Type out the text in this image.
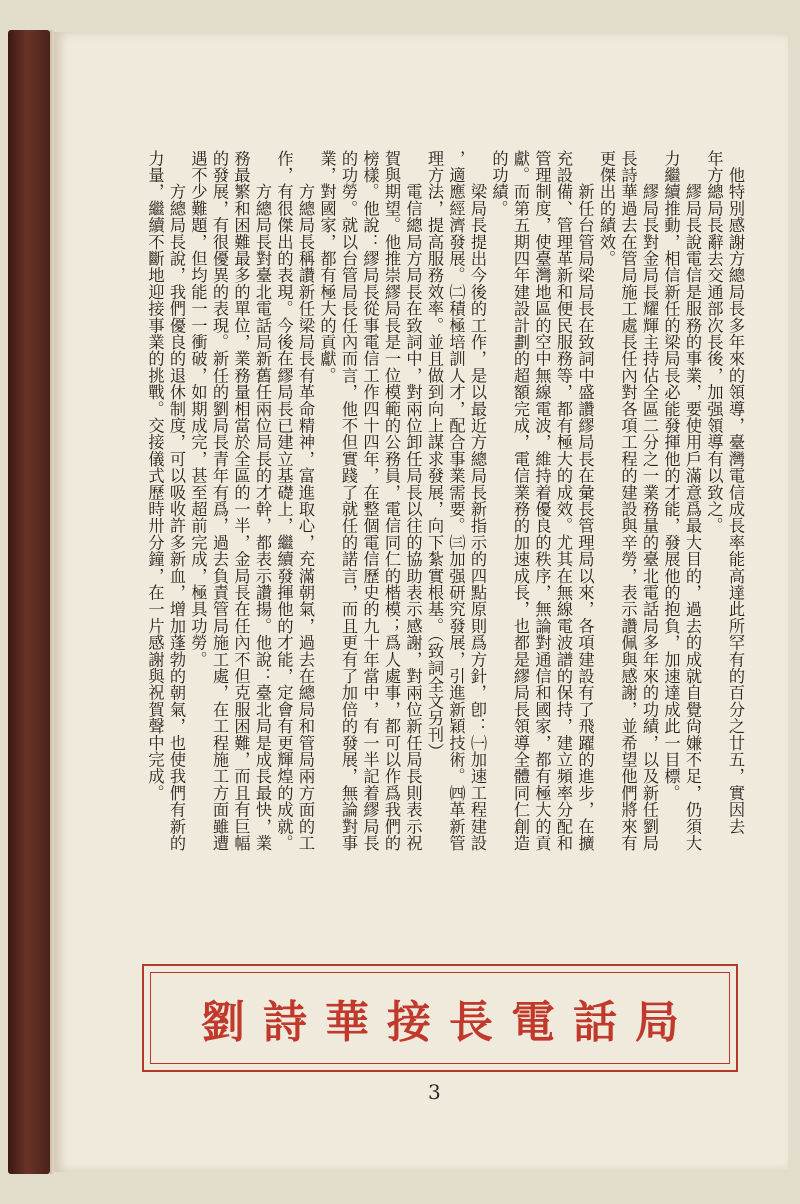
　他特別感謝方總局長多年來的領導，臺灣電信成長率能高達此所罕有的百分之廿五，實因去
年方總局長辭去交通部次長後，加强領導有以致之。
　　繆局長說電信是服務的事業，要使用戶滿意爲最大目的，過去的成就自覺尙嫌不足，仍須大
力繼續推動，相信新任的梁局長必能發揮他的才能，發展他的抱負，加速達成此一目標。
　　繆局長對金局長耀輝主持佔全區二分之一業務量的臺北電話局多年來的功績，以及新任劉局
長詩華過去在管局施工處長任內對各項工程的建設與辛勞，表示讚佩與感謝，並希望他們將來有
更傑出的績效。
　　新任台管局梁局長在致詞中盛讚繆局長在彙長管理局以來，各項建設有了飛躍的進步，在擴
充設備、管理革新和便民服務等，都有極大的成效。尤其在無線電波譜的保持，建立頻率分配和
管理制度，使臺灣地區的空中無線電波，維持着優良的秩序，無論對通信和國家，都有極大的貢
獻。而第五期四年建設計劃的超額完成，電信業務的加速成長，也都是繆局長領導全體同仁創造
的功績。
　　梁局長提出今後的工作，是以最近方總局長新指示的四點原則爲方針，卽：㈠加速工程建設
，適應經濟發展。㈡積極培訓人才，配合事業需要。㈢加强研究發展，引進新穎技術。㈣革新管
理方法，提高服務效率。並且做到向上謀求發展，向下紮實根基。（致詞全文另刊）
　　電信總局方局長在致詞中，對兩位卸任局長以往的協助表示感謝，對兩位新任局長則表示祝
賀與期望。他推崇繆局長是一位模範的公務員，電信同仁的楷模；爲人處事，都可以作爲我們的
榜樣。他說：繆局長從事電信工作四十四年，在整個電信歷史的九十年當中，有一半記着繆局長
的功勞。就以台管局長任內而言，他不但實踐了就任的諾言，而且更有了加倍的發展，無論對事
業，對國家，都有極大的貢獻。
　　方總局長稱讚新任梁局長有革命精神，富進取心，充滿朝氣，過去在總局和管局兩方面的工
作，有很傑出的表現。今後在繆局長已建立基礎上，繼續發揮他的才能，定會有更輝煌的成就。
　　方總局長對臺北電話局新舊任兩位局長的才幹，都表示讚揚。他說：臺北局是成長最快，業
務最繁和困難最多的單位，業務量相當於全區的一半，金局長在任內不但克服困難，而且有巨幅
的發展，有很優異的表現。新任的劉局長青年有爲，過去負責管局施工處，在工程施工方面雖遭
遇不少難題，但均能一一衝破，如期成完，甚至超前完成，極具功勞。
　　方總局長說，我們優良的退休制度，可以吸收許多新血，增加蓬勃的朝氣，也使我們有新的
力量，繼續不斷地迎接事業的挑戰。交接儀式歷時卅分鐘，在一片感謝與祝賀聲中完成。
劉詩華接長電話局
3
